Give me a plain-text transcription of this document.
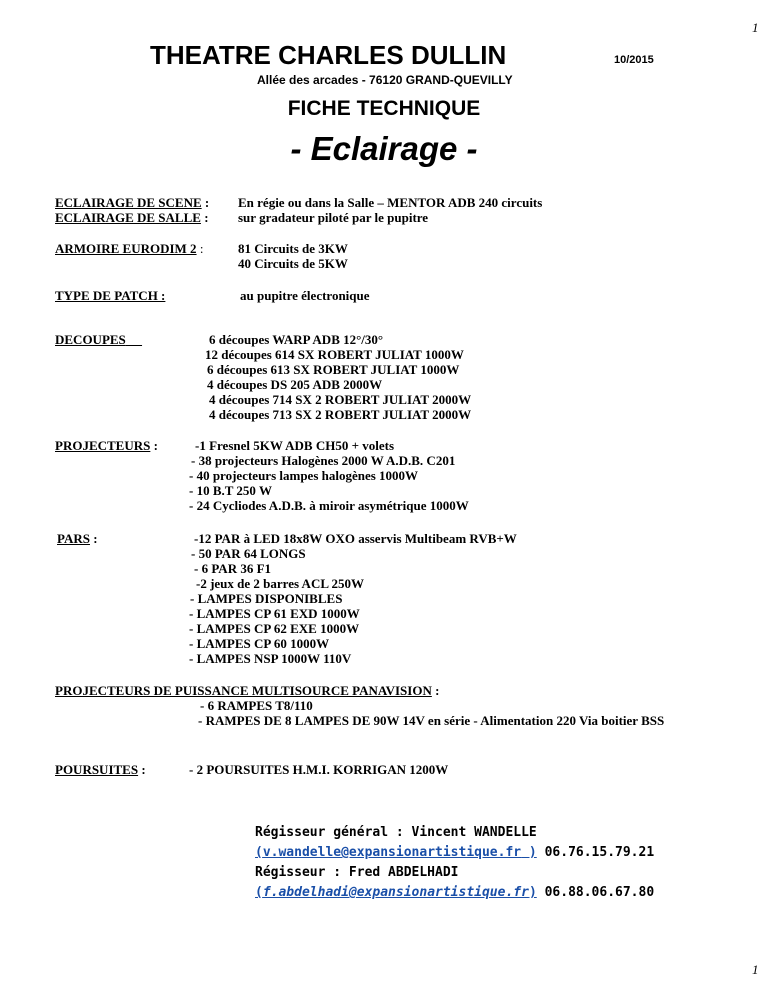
1
1
THEATRE CHARLES DULLIN	10/2015
Allée des arcades - 76120 GRAND-QUEVILLY
FICHE TECHNIQUE
- Eclairage -
ECLAIRAGE DE SCENE : En régie ou dans la Salle – MENTOR ADB 240 circuits
ECLAIRAGE DE SALLE : sur gradateur piloté par le pupitre
ARMOIRE EURODIM 2 :	81 Circuits de 3KW
40 Circuits de 5KW
TYPE DE PATCH :	au pupitre électronique
DECOUPES	6 découpes WARP ADB 12°/30°
12 découpes 614 SX ROBERT JULIAT 1000W
6 découpes 613 SX ROBERT JULIAT 1000W
4 découpes DS 205 ADB 2000W
4 découpes 714 SX 2 ROBERT JULIAT 2000W
4 découpes 713 SX 2 ROBERT JULIAT 2000W
PROJECTEURS :	-1 Fresnel 5KW ADB CH50 + volets
- 38 projecteurs Halogènes 2000 W A.D.B. C201
- 40 projecteurs lampes halogènes 1000W
- 10 B.T 250 W
- 24 Cycliodes A.D.B. à miroir asymétrique 1000W
PARS :	-12 PAR à LED 18x8W OXO asservis Multibeam RVB+W
- 50 PAR 64 LONGS
- 6 PAR 36 F1
-2 jeux de 2 barres ACL 250W
- LAMPES DISPONIBLES
- LAMPES CP 61 EXD 1000W
- LAMPES CP 62 EXE 1000W
- LAMPES CP 60 1000W
- LAMPES NSP 1000W 110V
PROJECTEURS DE PUISSANCE MULTISOURCE PANAVISION :
- 6 RAMPES T8/110
- RAMPES DE 8 LAMPES DE 90W 14V en série - Alimentation 220 Via boitier BSS
POURSUITES :	- 2 POURSUITES H.M.I. KORRIGAN 1200W
Régisseur général : Vincent WANDELLE
(v.wandelle@expansionartistique.fr ) 06.76.15.79.21
Régisseur : Fred ABDELHADI
(f.abdelhadi@expansionartistique.fr) 06.88.06.67.80
